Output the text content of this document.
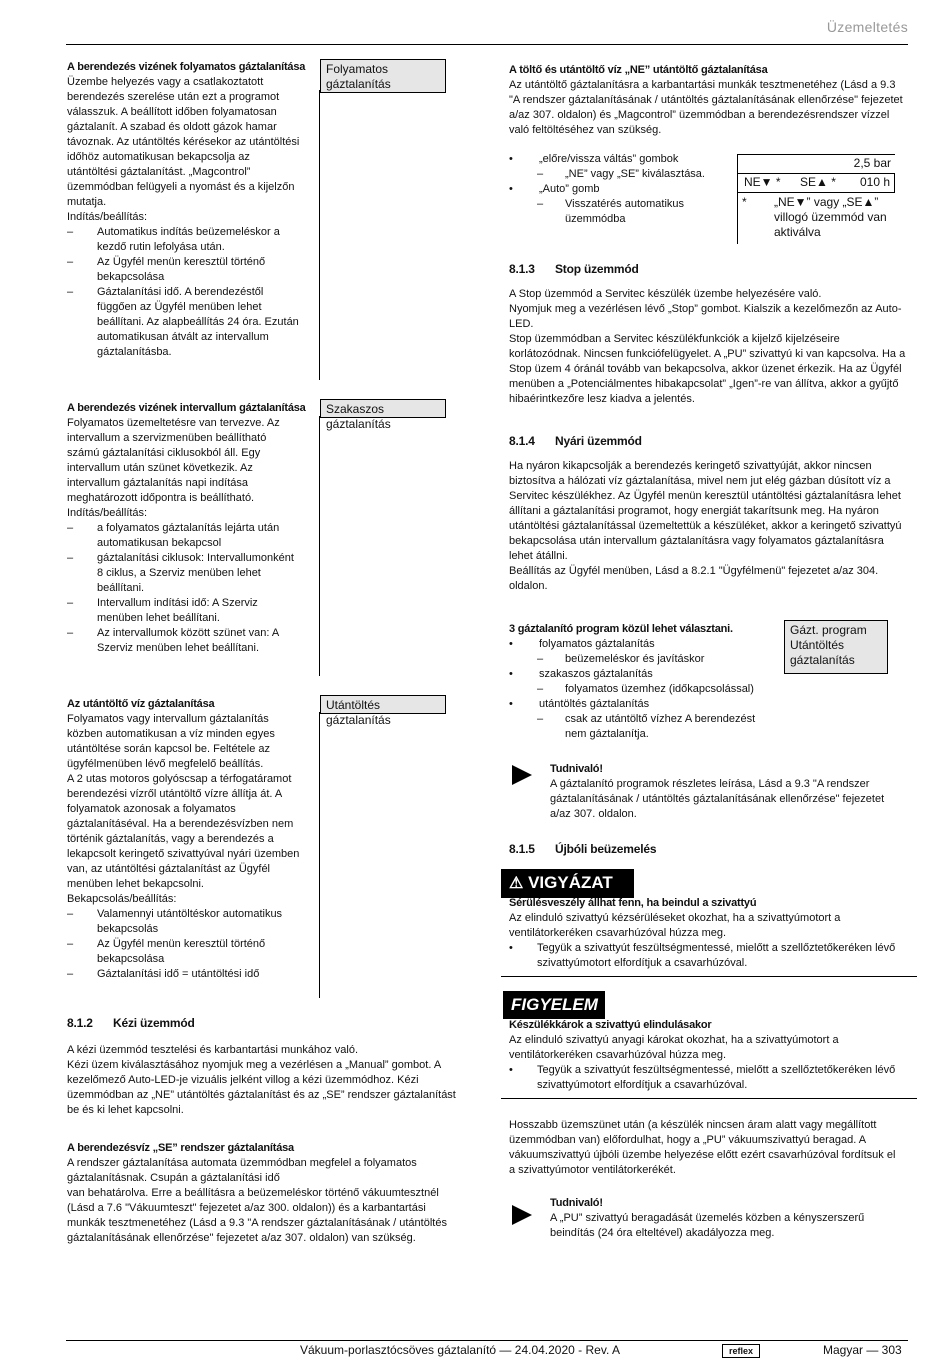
Üzemeltetés
A berendezés vizének folyamatos gáztalanítása
Üzembe helyezés vagy a csatlakoztatott
berendezés szerelése után ezt a programot
válasszuk. A beállított időben folyamatosan
gáztalanít. A szabad és oldott gázok hamar
távoznak. Az utántöltés kérésekor az utántöltési
időhöz automatikusan bekapcsolja az
utántöltési gáztalanítást. „Magcontrol”
üzemmódban felügyeli a nyomást és a kijelzőn
mutatja.
Indítás/beállítás:
– Automatikus indítás beüzemeléskor a
kezdő rutin lefolyása után.
– Az Ügyfél menün keresztül történő
bekapcsolása
– Gáztalanítási idő. A berendezéstől
függően az Ügyfél menüben lehet
beállítani. Az alapbeállítás 24 óra. Ezután
automatikusan átvált az intervallum
gáztalanításba.
Folyamatos
gáztalanítás
A berendezés vizének intervallum gáztalanítása
Folyamatos üzemeltetésre van tervezve. Az
intervallum a szervizmenüben beállítható
számú gáztalanítási ciklusokból áll. Egy
intervallum után szünet következik. Az
intervallum gáztalanítás napi indítása
meghatározott időpontra is beállítható.
Indítás/beállítás:
– a folyamatos gáztalanítás lejárta után
automatikusan bekapcsol
– gáztalanítási ciklusok: Intervallumonként
8 ciklus, a Szerviz menüben lehet
beállítani.
– Intervallum indítási idő: A Szerviz
menüben lehet beállítani.
– Az intervallumok között szünet van: A
Szerviz menüben lehet beállítani.
Szakaszos gáztalanítás
Az utántöltő víz gáztalanítása
Folyamatos vagy intervallum gáztalanítás
közben automatikusan a víz minden egyes
utántöltése során kapcsol be. Feltétele az
ügyfélmenüben lévő megfelelő beállítás.
A 2 utas motoros golyóscsap a térfogatáramot
berendezési vízről utántöltő vízre állítja át. A
folyamatok azonosak a folyamatos
gáztalanításéval. Ha a berendezésvízben nem
történik gáztalanítás, vagy a berendezés a
lekapcsolt keringető szivattyúval nyári üzemben
van, az utántöltési gáztalanítást az Ügyfél
menüben lehet bekapcsolni.
Bekapcsolás/beállítás:
– Valamennyi utántöltéskor automatikus
bekapcsolás
– Az Ügyfél menün keresztül történő
bekapcsolása
– Gáztalanítási idő = utántöltési idő
Utántöltés gáztalanítás
8.1.2 Kézi üzemmód
A kézi üzemmód tesztelési és karbantartási munkához való.
Kézi üzem kiválasztásához nyomjuk meg a vezérlésen a „Manual” gombot. A
kezelőmező Auto-LED-je vizuális jelként villog a kézi üzemmódhoz. Kézi
üzemmódban az „NE” utántöltés gáztalanítást és az „SE” rendszer gáztalanítást
be és ki lehet kapcsolni.
A berendezésvíz „SE” rendszer gáztalanítása
A rendszer gáztalanítása automata üzemmódban megfelel a folyamatos
gáztalanításnak. Csupán a gáztalanítási idő
van behatárolva. Erre a beállításra a beüzemeléskor történő vákuumtesztnél
(Lásd a 7.6 "Vákuumteszt" fejezetet a/az 300. oldalon)) és a karbantartási
munkák tesztmenetéhez (Lásd a 9.3 "A rendszer gáztalanításának / utántöltés
gáztalanításának ellenőrzése" fejezetet a/az 307. oldalon) van szükség.
A töltő és utántöltő víz „NE” utántöltő gáztalanítása
Az utántöltő gáztalanításra a karbantartási munkák tesztmenetéhez (Lásd a 9.3
"A rendszer gáztalanításának / utántöltés gáztalanításának ellenőrzése" fejezetet
a/az 307. oldalon) és „Magcontrol” üzemmódban a berendezésrendszer vízzel
való feltöltéséhez van szükség.
• „előre/vissza váltás” gombok
– „NE” vagy „SE” kiválasztása.
• „Auto” gomb
– Visszatérés automatikus
üzemmódba
2,5 bar
NE▼ * SE▲ * 010 h
* „NE▼” vagy „SE▲”
villogó üzemmód van
aktiválva
8.1.3 Stop üzemmód
A Stop üzemmód a Servitec készülék üzembe helyezésére való.
Nyomjuk meg a vezérlésen lévő „Stop” gombot. Kialszik a kezelőmezőn az Auto-
LED.
Stop üzemmódban a Servitec készülékfunkciók a kijelző kijelzéseire
korlátozódnak. Nincsen funkciófelügyelet. A „PU” szivattyú ki van kapcsolva. Ha a
Stop üzem 4 óránál tovább van bekapcsolva, akkor üzenet érkezik. Ha az Ügyfél
menüben a „Potenciálmentes hibakapcsolat” „Igen”-re van állítva, akkor a gyűjtő
hibaérintkezőre lesz kiadva a jelentés.
8.1.4 Nyári üzemmód
Ha nyáron kikapcsolják a berendezés keringető szivattyúját, akkor nincsen
biztosítva a hálózati víz gáztalanítása, mivel nem jut elég gázban dúsított víz a
Servitec készülékhez. Az Ügyfél menün keresztül utántöltési gáztalanításra lehet
állítani a gáztalanítási programot, hogy energiát takarítsunk meg. Ha nyáron
utántöltési gáztalanítással üzemeltettük a készüléket, akkor a keringető szivattyú
bekapcsolása után intervallum gáztalanításra vagy folyamatos gáztalanításra
lehet átállni.
Beállítás az Ügyfél menüben, Lásd a 8.2.1 "Ügyfélmenü" fejezetet a/az 304.
oldalon.
3 gáztalanító program közül lehet választani.
• folyamatos gáztalanítás
– beüzemeléskor és javításkor
• szakaszos gáztalanítás
– folyamatos üzemhez (időkapcsolással)
• utántöltés gáztalanítás
– csak az utántöltő vízhez A berendezést
nem gáztalanítja.
Gázt. program
Utántöltés
gáztalanítás
Tudnivaló!
A gáztalanító programok részletes leírása, Lásd a 9.3 "A rendszer
gáztalanításának / utántöltés gáztalanításának ellenőrzése" fejezetet
a/az 307. oldalon.
8.1.5 Újbóli beüzemelés
⚠ VIGYÁZAT
Sérülésveszély állhat fenn, ha beindul a szivattyú
Az elinduló szivattyú kézsérüléseket okozhat, ha a szivattyúmotort a
ventilátorkeréken csavarhúzóval húzza meg.
• Tegyük a szivattyút feszültségmentessé, mielőtt a szellőztetőkeréken lévő
szivattyúmotort elfordítjuk a csavarhúzóval.
FIGYELEM
Készülékkárok a szivattyú elindulásakor
Az elinduló szivattyú anyagi károkat okozhat, ha a szivattyúmotort a
ventilátorkeréken csavarhúzóval húzza meg.
• Tegyük a szivattyút feszültségmentessé, mielőtt a szellőztetőkeréken lévő
szivattyúmotort elfordítjuk a csavarhúzóval.
Hosszabb üzemszünet után (a készülék nincsen áram alatt vagy megállított
üzemmódban van) előfordulhat, hogy a „PU” vákuumszivattyú beragad. A
vákuumszivattyú újbóli üzembe helyezése előtt ezért csavarhúzóval fordítsuk el
a szivattyúmotor ventilátorkerékét.
Tudnivaló!
A „PU” szivattyú beragadását üzemelés közben a kényszerszerű
beindítás (24 óra elteltével) akadályozza meg.
Vákuum-porlasztócsöves gáztalanító — 24.04.2020 - Rev. A	reflex	Magyar — 303
